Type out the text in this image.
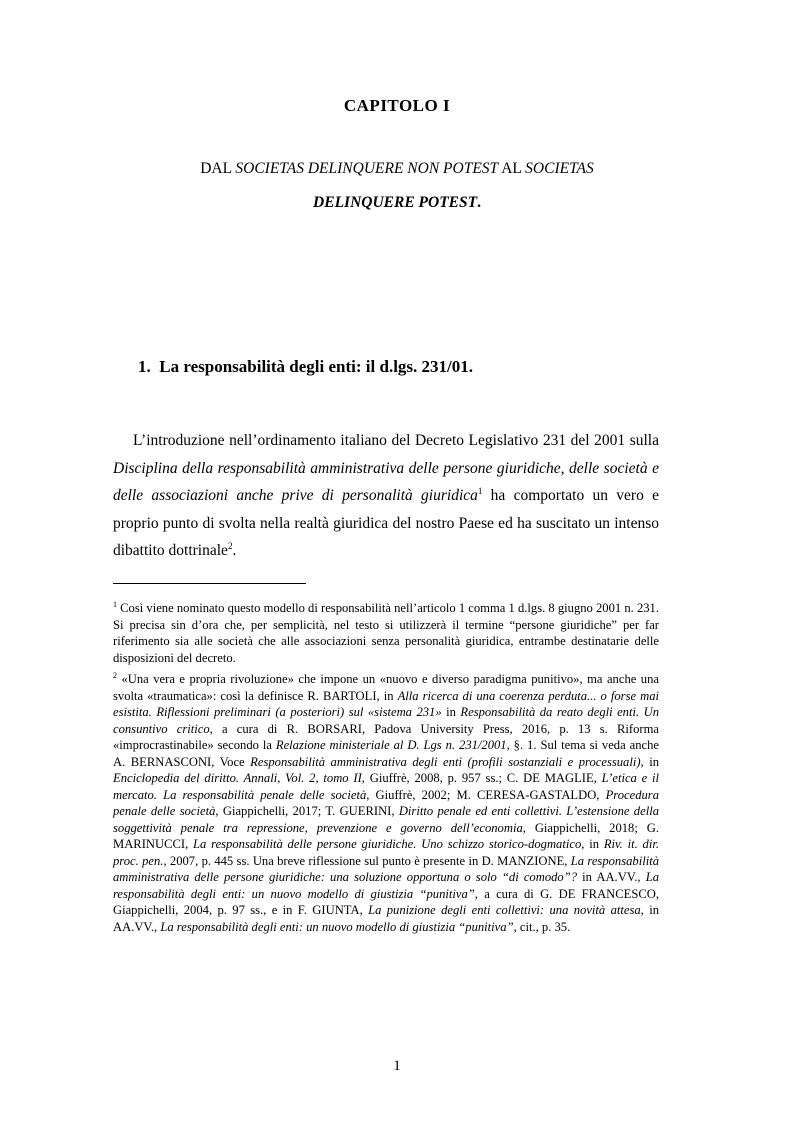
CAPITOLO I
DAL SOCIETAS DELINQUERE NON POTEST AL SOCIETAS
DELINQUERE POTEST.
1.  La responsabilità degli enti: il d.lgs. 231/01.

L’introduzione nell’ordinamento italiano del Decreto Legislativo 231 del 2001 sulla Disciplina della responsabilità amministrativa delle persone giuridiche, delle società e delle associazioni anche prive di personalità giuridica$^1$ ha comportato un vero e proprio punto di svolta nella realtà giuridica del nostro Paese ed ha suscitato un intenso dibattito dottrinale$^2$.

$^1$ Così viene nominato questo modello di responsabilità nell’articolo 1 comma 1 d.lgs. 8 giugno 2001 n. 231. Si precisa sin d’ora che, per semplicità, nel testo si utilizzerà il termine “persone giuridiche” per far riferimento sia alle società che alle associazioni senza personalità giuridica, entrambe destinatarie delle disposizioni del decreto.

$^2$ «Una vera e propria rivoluzione» che impone un «nuovo e diverso paradigma punitivo», ma anche una svolta «traumatica»: così la definisce R. BARTOLI, in Alla ricerca di una coerenza perduta... o forse mai esistita. Riflessioni preliminari (a posteriori) sul «sistema 231» in Responsabilità da reato degli enti. Un consuntivo critico, a cura di R. BORSARI, Padova University Press, 2016, p. 13 s. Riforma «improcrastinabile» secondo la Relazione ministeriale al D. Lgs n. 231/2001, §. 1. Sul tema si veda anche A. BERNASCONI, Voce Responsabilità amministrativa degli enti (profili sostanziali e processuali), in Enciclopedia del diritto. Annali, Vol. 2, tomo II, Giuffrè, 2008, p. 957 ss.; C. DE MAGLIE, L’etica e il mercato. La responsabilità penale delle società, Giuffrè, 2002; M. CERESA-GASTALDO, Procedura penale delle società, Giappichelli, 2017; T. GUERINI, Diritto penale ed enti collettivi. L’estensione della soggettività penale tra repressione, prevenzione e governo dell’economia, Giappichelli, 2018; G. MARINUCCI, La responsabilità delle persone giuridiche. Uno schizzo storico-dogmatico, in Riv. it. dir. proc. pen., 2007, p. 445 ss. Una breve riflessione sul punto è presente in D. MANZIONE, La responsabilità amministrativa delle persone giuridiche: una soluzione opportuna o solo “di comodo”? in AA.VV., La responsabilità degli enti: un nuovo modello di giustizia “punitiva”, a cura di G. DE FRANCESCO, Giappichelli, 2004, p. 97 ss., e in F. GIUNTA, La punizione degli enti collettivi: una novità attesa, in AA.VV., La responsabilità degli enti: un nuovo modello di giustizia “punitiva”, cit., p. 35.

1
